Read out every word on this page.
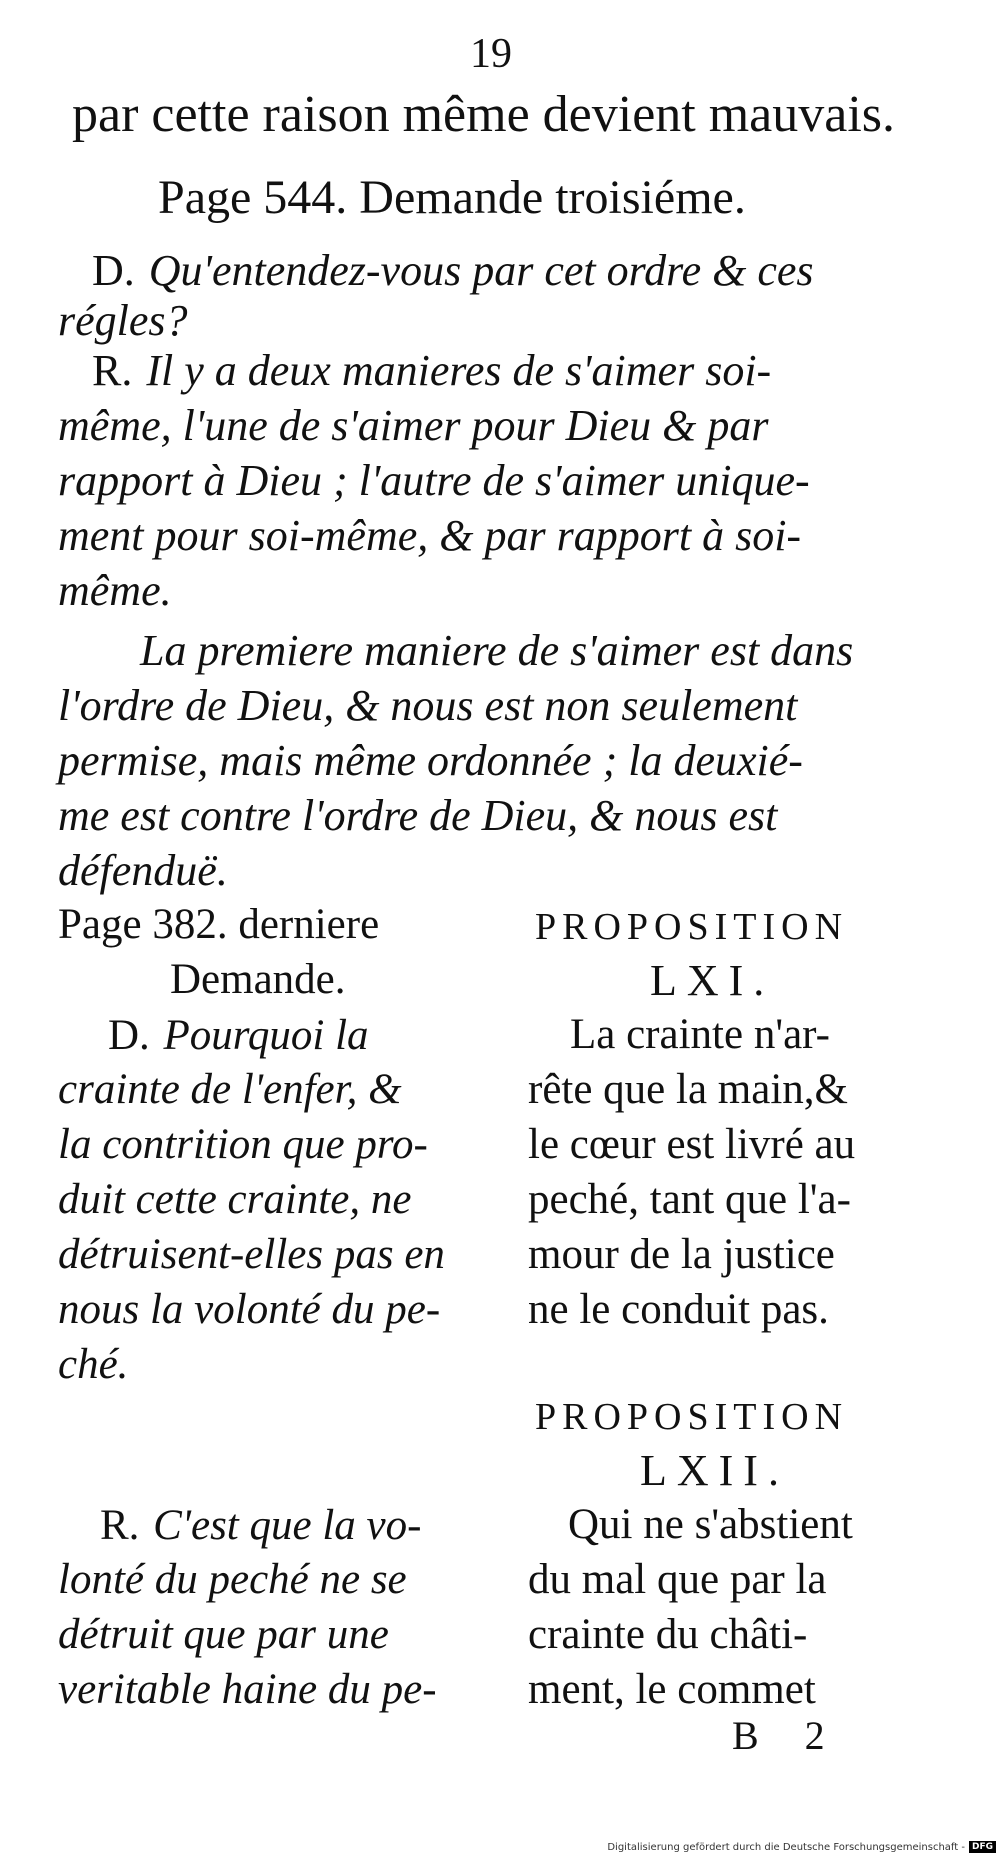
19
par cette raison même devient mauvais.
Page 544. Demande troisiéme.
D. Qu'entendez-vous par cet ordre & ces
régles?
R. Il y a deux manieres de s'aimer soi-
même, l'une de s'aimer pour Dieu & par
rapport à Dieu ; l'autre de s'aimer unique-
ment pour soi-même, & par rapport à soi-
même.
La premiere maniere de s'aimer est dans
l'ordre de Dieu, & nous est non seulement
permise, mais même ordonnée ; la deuxié-
me est contre l'ordre de Dieu, & nous est
défenduë.
Page 382. derniere
Demande.
D. Pourquoi la
crainte de l'enfer, &
la contrition que pro-
duit cette crainte, ne
détruisent-elles pas en
nous la volonté du pe-
ché.
R. C'est que la vo-
lonté du peché ne se
détruit que par une
veritable haine du pe-
PROPOSITION
LXI.
La crainte n'ar-
rête que la main,&
le cœur est livré au
peché, tant que l'a-
mour de la justice
ne le conduit pas.
PROPOSITION
LXII.
Qui ne s'abstient
du mal que par la
crainte du châti-
ment, le commet
B 2
Digitalisierung gefördert durch die Deutsche Forschungsgemeinschaft - DFG
